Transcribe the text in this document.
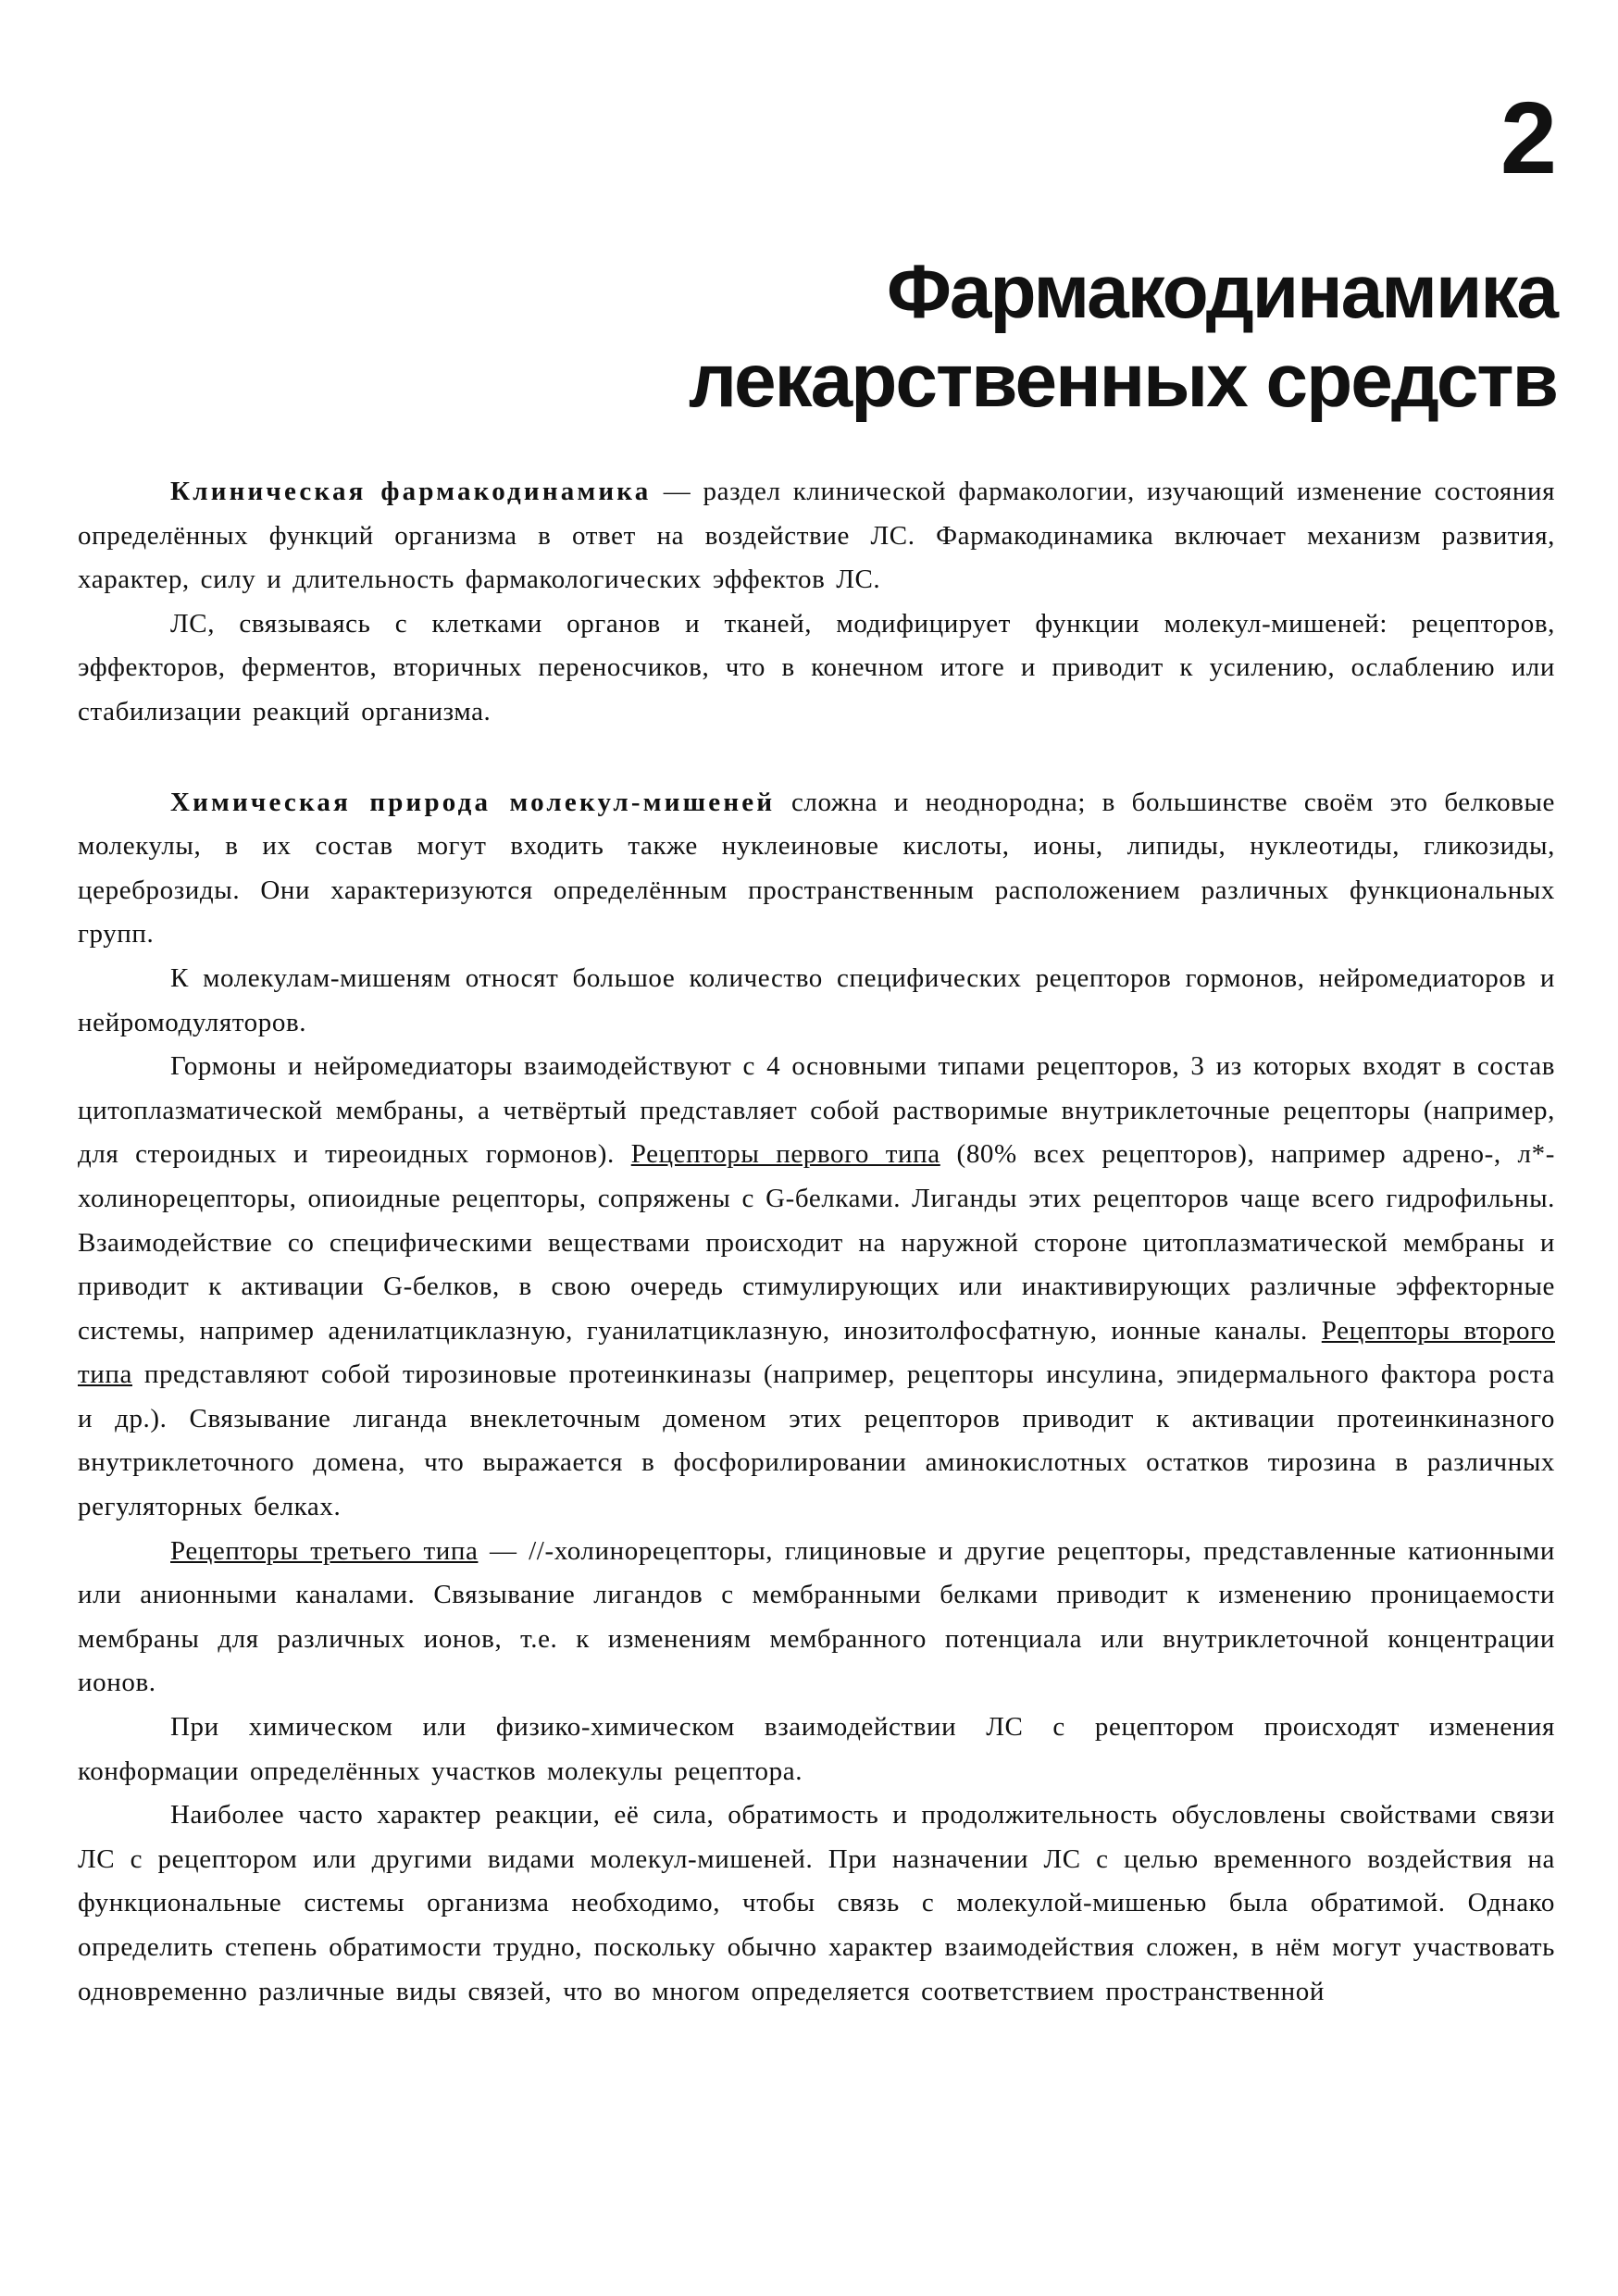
2
Фармакодинамика
лекарственных средств

Клиническая фармакодинамика — раздел клинической фармакологии, изучающий изменение состояния определённых функций организма в ответ на воздействие ЛС. Фармакодинамика включает механизм развития, характер, силу и длительность фармакологических эффектов ЛС.

ЛС, связываясь с клетками органов и тканей, модифицирует функции молекул-мишеней: рецепторов, эффекторов, ферментов, вторичных переносчиков, что в конечном итоге и приводит к усилению, ослаблению или стабилизации реакций организма.

Химическая природа молекул-мишеней сложна и неоднородна; в большинстве своём это белковые молекулы, в их состав могут входить также нуклеиновые кислоты, ионы, липиды, нуклеотиды, гликозиды, цереброзиды. Они характеризуются определённым пространственным расположением различных функциональных групп.

К молекулам-мишеням относят большое количество специфических рецепторов гормонов, нейромедиаторов и нейромодуляторов.

Гормоны и нейромедиаторы взаимодействуют с 4 основными типами рецепторов, 3 из которых входят в состав цитоплазматической мембраны, а четвёртый представляет собой растворимые внутриклеточные рецепторы (например, для стероидных и тиреоидных гормонов). Рецепторы первого типа (80% всех рецепторов), например адрено-, л*-холинорецепторы, опиоидные рецепторы, сопряжены с G-белками. Лиганды этих рецепторов чаще всего гидрофильны. Взаимодействие со специфическими веществами происходит на наружной стороне цитоплазматической мембраны и приводит к активации G-белков, в свою очередь стимулирующих или инактивирующих различные эффекторные системы, например аденилатциклазную, гуанилатциклазную, инозитолфосфатную, ионные каналы. Рецепторы второго типа представляют собой тирозиновые протеинкиназы (например, рецепторы инсулина, эпидермального фактора роста и др.). Связывание лиганда внеклеточным доменом этих рецепторов приводит к активации протеинкиназного внутриклеточного домена, что выражается в фосфорилировании аминокислотных остатков тирозина в различных регуляторных белках.

Рецепторы третьего типа — //-холинорецепторы, глициновые и другие рецепторы, представленные катионными или анионными каналами. Связывание лигандов с мембранными белками приводит к изменению проницаемости мембраны для различных ионов, т.е. к изменениям мембранного потенциала или внутриклеточной концентрации ионов.

При химическом или физико-химическом взаимодействии ЛС с рецептором происходят изменения конформации определённых участков молекулы рецептора.

Наиболее часто характер реакции, её сила, обратимость и продолжительность обусловлены свойствами связи ЛС с рецептором или другими видами молекул-мишеней. При назначении ЛС с целью временного воздействия на функциональные системы организма необходимо, чтобы связь с молекулой-мишенью была обратимой. Однако определить степень обратимости трудно, поскольку обычно характер взаимодействия сложен, в нём могут участвовать одновременно различные виды связей, что во многом определяется соответствием пространственной
